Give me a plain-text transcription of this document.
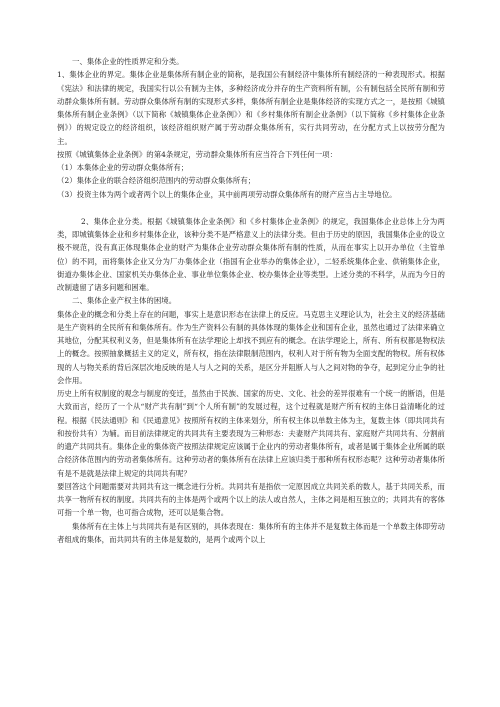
一、集体企业的性质界定和分类。

1、集体企业的界定。集体企业是集体所有制企业的简称，是我国公有制经济中集体所有制经济的一种表现形式。根据《宪法》和法律的规定，我国实行以公有制为主体，多种经济成分并存的生产资料所有制，公有制包括全民所有制和劳动群众集体所有制。劳动群众集体所有制的实现形式多样，集体所有制企业是集体经济的实现方式之一，是按照《城镇集体所有制企业条例》（以下简称《城镇集体企业条例》）和《乡村集体所有制企业条例》（以下简称《乡村集体企业条例》）的规定设立的经济组织，该经济组织财产属于劳动群众集体所有，实行共同劳动，在分配方式上以按劳分配为主。

按照《城镇集体企业条例》的第4条规定，劳动群众集体所有应当符合下列任何一项：

（1）本集体企业的劳动群众集体所有；

（2）集体企业的联合经济组织范围内的劳动群众集体所有；

（3）投资主体为两个或者两个以上的集体企业，其中前两项劳动群众集体所有的财产应当占主导地位。

2、集体企业分类。根据《城镇集体企业条例》和《乡村集体企业条例》的规定，我国集体企业总体上分为两类，即城镇集体企业和乡村集体企业，该种分类不是严格意义上的法律分类。但由于历史的原因，我国集体企业的设立极不规范，没有真正体现集体企业的财产为集体企业劳动群众集体所有制的性质，从而在事实上以开办单位（主管单位）的不同，而将集体企业又分为厂办集体企业（指国有企业举办的集体企业），二轻系统集体企业、供销集体企业，街道办集体企业、国家机关办集体企业、事业单位集体企业、校办集体企业等类型。上述分类的不科学，从而为今日的改制遗留了诸多问题和困难。

二、集体企业产权主体的困境。

集体企业的概念和分类上存在的问题，事实上是意识形态在法律上的反应。马克思主义理论认为，社会主义的经济基础是生产资料的全民所有和集体所有。作为生产资料公有制的具体体现的集体企业和国有企业，虽然也通过了法律来确立其地位，分配其权利义务，但是集体所有在法学理论上却找不到应有的概念。在法学理论上，所有、所有权都是物权法上的概念。按照抽象概括主义的定义，所有权，指在法律限制范围内，权利人对于所有物为全面支配的物权。所有权体现的人与物关系的背后深层次地反映的是人与人之间的关系，是区分并阻断人与人之间对物的争夺，起到定分止争的社会作用。

历史上所有权制度的观念与制度的变迁，虽然由于民族、国家的历史、文化、社会的差异很难有一个统一的断语，但是大致而言，经历了一个从“财产共有制”到“个人所有制”的发展过程，这个过程就是财产所有权的主体日益清晰化的过程。根据《民法通则》和《民通意见》按照所有权的主体来划分，所有权主体以单数主体为主，复数主体（即共同共有和按份共有）为辅。而目前法律规定的共同共有主要表现为三种形态：夫妻财产共同共有、家庭财产共同共有、分割前的遗产共同共有。集体企业的集体资产按照法律规定应该属于企业内的劳动者集体所有，或者是属于集体企业所属的联合经济体范围内的劳动者集体所有。这种劳动者的集体所有在法律上应该归类于那种所有权形态呢？这种劳动者集体所有是不是就是法律上规定的共同共有呢？

要回答这个问题需要对共同共有这一概念进行分析。共同共有是指依一定原因成立共同关系的数人，基于共同关系，而共享一物所有权的制度。共同共有的主体是两个或两个以上的法人或自然人，主体之间是相互独立的；共同共有的客体可指一个单一物，也可指合成物，还可以是集合物。

集体所有在主体上与共同共有是有区别的，具体表现在：集体所有的主体并不是复数主体而是一个单数主体即劳动者组成的集体，而共同共有的主体是复数的，是两个或两个以上
